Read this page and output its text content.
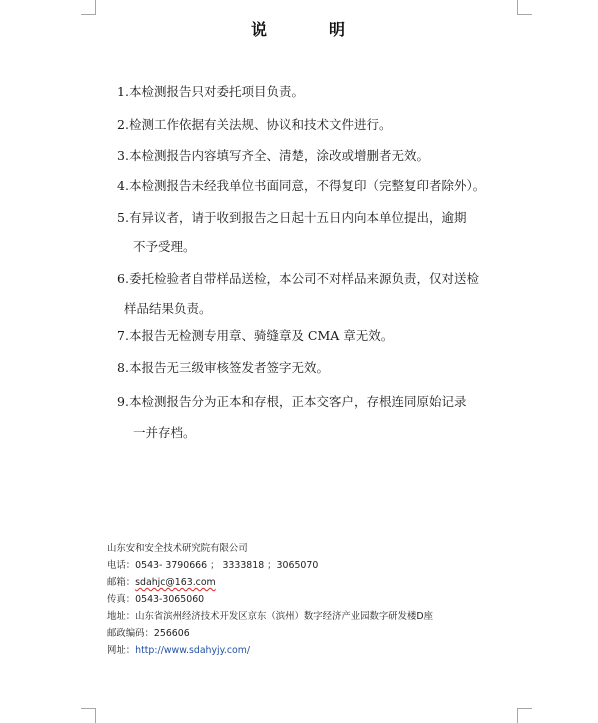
说	明
1.本检测报告只对委托项目负责。
2.检测工作依据有关法规、协议和技术文件进行。
3.本检测报告内容填写齐全、清楚，涂改或增删者无效。
4.本检测报告未经我单位书面同意，不得复印（完整复印者除外）。
5.有异议者，请于收到报告之日起十五日内向本单位提出，逾期
不予受理。
6.委托检验者自带样品送检，本公司不对样品来源负责，仅对送检
样品结果负责。
7.本报告无检测专用章、骑缝章及 CMA 章无效。
8.本报告无三级审核签发者签字无效。
9.本检测报告分为正本和存根，正本交客户，存根连同原始记录
一并存档。
山东安和安全技术研究院有限公司
电话：0543- 3790666 ； 3333818 ；3065070
邮箱：sdahjc@163.com
传真：0543-3065060
地址：山东省滨州经济技术开发区京东（滨州）数字经济产业园数字研发楼D座
邮政编码：256606
网址：http://www.sdahyjy.com/
